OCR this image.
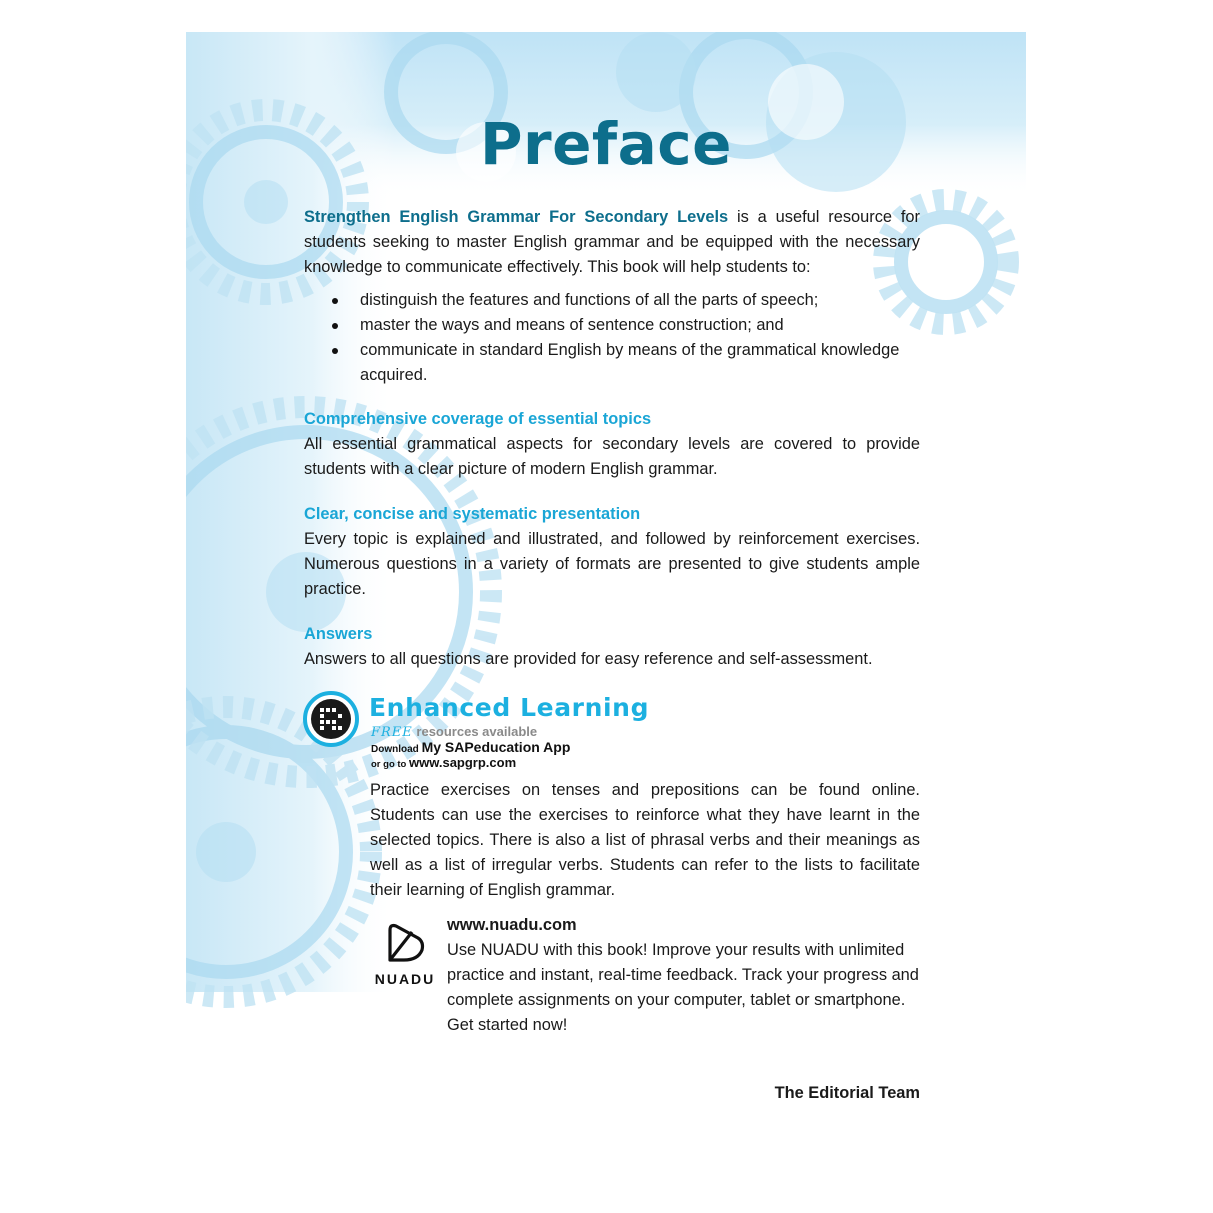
Preface

Strengthen English Grammar For Secondary Levels is a useful resource for students seeking to master English grammar and be equipped with the necessary knowledge to communicate effectively. This book will help students to:

distinguish the features and functions of all the parts of speech;
master the ways and means of sentence construction; and
communicate in standard English by means of the grammatical knowledge acquired.
Comprehensive coverage of essential topics

All essential grammatical aspects for secondary levels are covered to provide students with a clear picture of modern English grammar.

Clear, concise and systematic presentation

Every topic is explained and illustrated, and followed by reinforcement exercises. Numerous questions in a variety of formats are presented to give students ample practice.

Answers

Answers to all questions are provided for easy reference and self-assessment.

Enhanced Learning

FREE resources available

Download My SAPeducation App

or go to www.sapgrp.com

Practice exercises on tenses and prepositions can be found online. Students can use the exercises to reinforce what they have learnt in the selected topics. There is also a list of phrasal verbs and their meanings as well as a list of irregular verbs. Students can refer to the lists to facilitate their learning of English grammar.

NUADU

www.nuadu.com

Use NUADU with this book! Improve your results with unlimited practice and instant, real-time feedback. Track your progress and complete assignments on your computer, tablet or smartphone. Get started now!

The Editorial Team
